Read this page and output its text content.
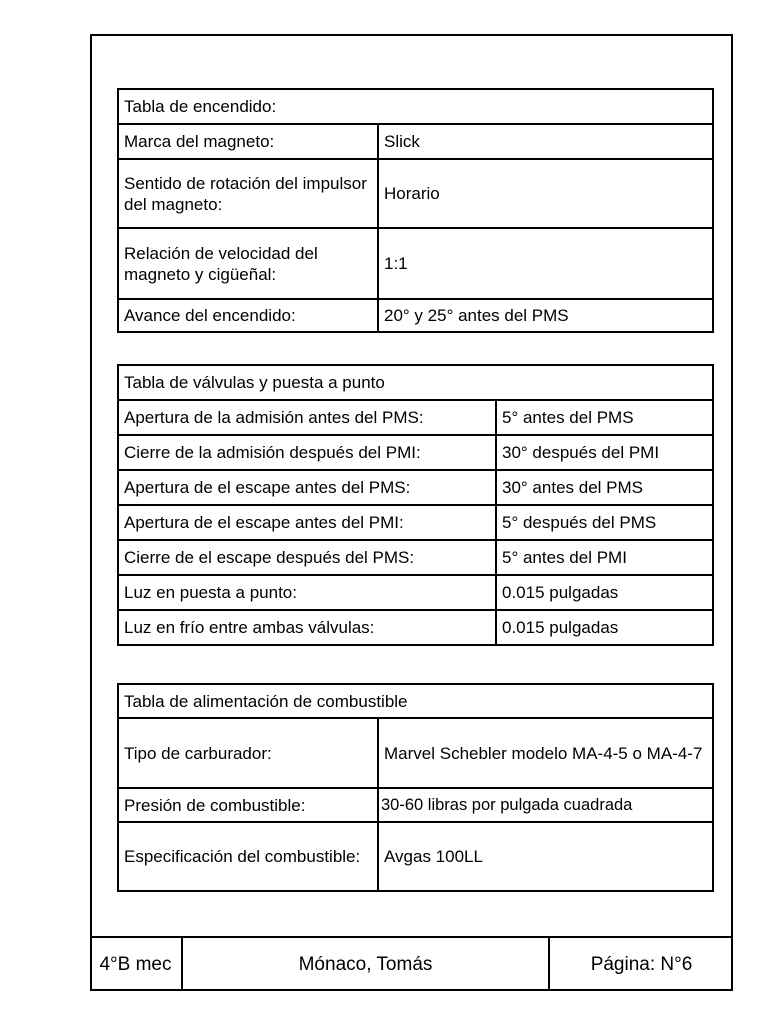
Tabla de encendido:	
Marca del magneto:	Slick
Sentido de rotación del impulsor del magneto:	Horario
Relación de velocidad del magneto y cigüeñal:	1:1
Avance del encendido:	20° y 25° antes del PMS
Tabla de válvulas y puesta a punto	
Apertura de la admisión antes del PMS:	5° antes del PMS
Cierre de la admisión después del PMI:	30° después del PMI
Apertura de el escape antes del PMS:	30° antes del PMS
Apertura de el escape antes del PMI:	5° después del PMS
Cierre de el escape después del PMS:	5° antes del PMI
Luz en puesta a punto:	0.015 pulgadas
Luz en frío entre ambas válvulas:	0.015 pulgadas
Tabla de alimentación de combustible	
Tipo de carburador:	Marvel Schebler modelo MA-4-5 o MA-4-7
Presión de combustible:	30-60 libras por pulgada cuadrada
Especificación del combustible:	Avgas 100LL
4°B mec	Mónaco, Tomás	Página: N°6
